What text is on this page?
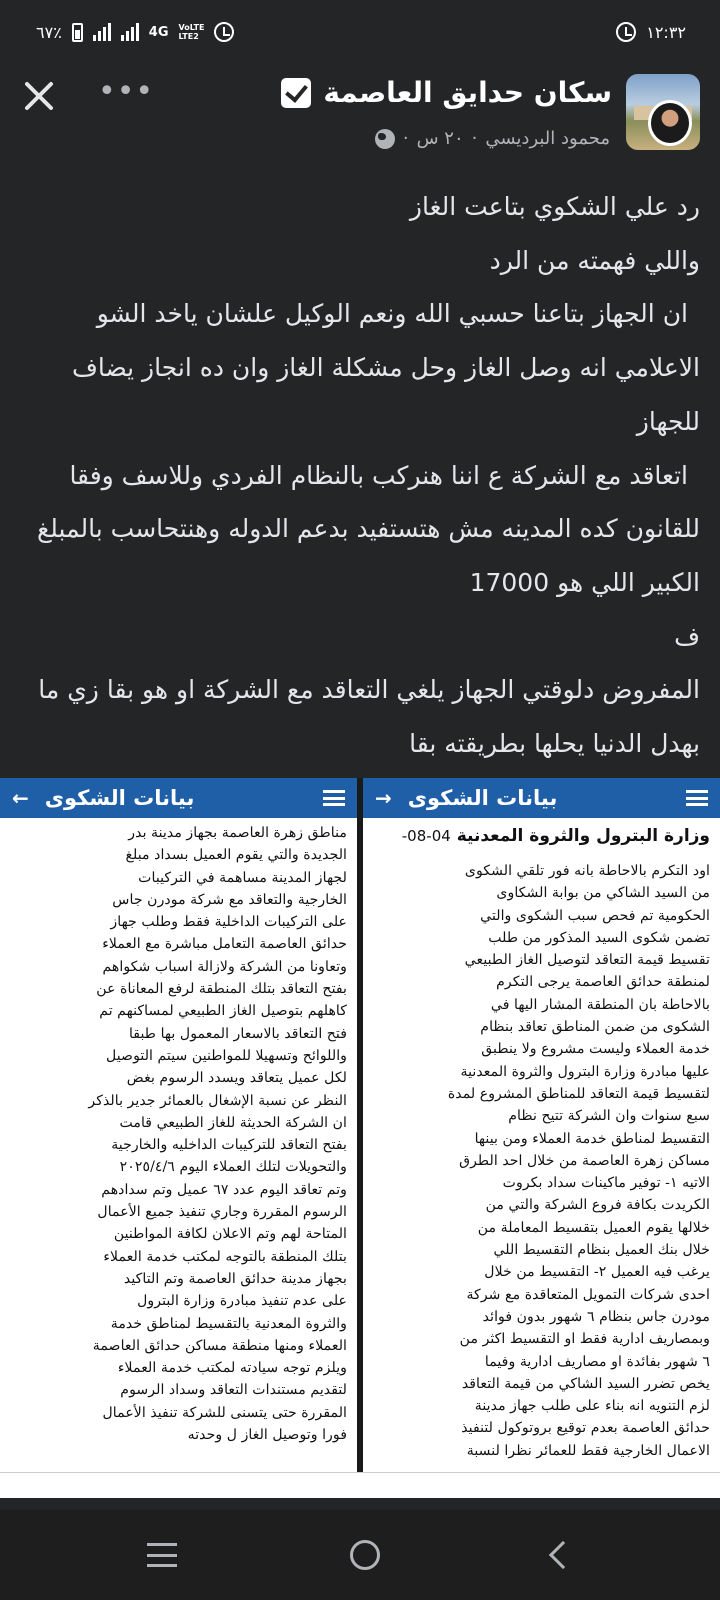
٦٧٪	4G VoLTE
LTE2	١٢:٣٢
•••	سكان حدايق العاصمة
محمود البرديسي
·
٢٠ س
·
رد علي الشكوي بتاعت الغاز
واللي فهمته من الرد
ان الجهاز بتاعنا حسبي الله ونعم الوكيل علشان ياخد الشو
الاعلامي انه وصل الغاز وحل مشكلة الغاز وان ده انجاز يضاف
للجهاز
اتعاقد مع الشركة ع اننا هنركب بالنظام الفردي وللاسف وفقا
للقانون كده المدينه مش هتستفيد بدعم الدوله وهنتحاسب بالمبلغ
الكبير اللي هو 17000
ف
المفروض دلوقتي الجهاز يلغي التعاقد مع الشركة او هو بقا زي ما
بهدل الدنيا يحلها بطريقته بقا
← بيانات الشكوى
مناطق زهرة العاصمة بجهاز مدينة بدر
الجديدة والتي يقوم العميل بسداد مبلغ
لجهاز المدينة مساهمة في التركيبات
الخارجية والتعاقد مع شركة مودرن جاس
على التركيبات الداخلية فقط وطلب جهاز
حدائق العاصمة التعامل مباشرة مع العملاء
وتعاونا من الشركة ولازالة اسباب شكواهم
بفتح التعاقد بتلك المنطقة لرفع المعاناة عن
كاهلهم بتوصيل الغاز الطبيعي لمساكنهم تم
فتح التعاقد بالاسعار المعمول بها طبقا
واللوائح وتسهيلا للمواطنين سيتم التوصيل
لكل عميل يتعاقد ويسدد الرسوم بغض
النظر عن نسبة الإشغال بالعمائر جدير بالذكر
ان الشركة الحديثة للغاز الطبيعي قامت
بفتح التعاقد للتركيبات الداخليه والخارجية
والتحويلات لتلك العملاء اليوم ٢٠٢٥/٤/٦
وتم تعاقد اليوم عدد ٦٧ عميل وتم سدادهم
الرسوم المقررة وجاري تنفيذ جميع الأعمال
المتاحة لهم وتم الاعلان لكافة المواطنين
بتلك المنطقة بالتوجه لمكتب خدمة العملاء
بجهاز مدينة حدائق العاصمة وتم التاكيد
على عدم تنفيذ مبادرة وزارة البترول
والثروة المعدنية بالتقسيط لمناطق خدمة
العملاء ومنها منطقة مساكن حدائق العاصمة
ويلزم توجه سيادته لمكتب خدمة العملاء
لتقديم مستندات التعاقد وسداد الرسوم
المقررة حتى يتسنى للشركة تنفيذ الأعمال
فورا وتوصيل الغاز ل وحدته
→ بيانات الشكوى
وزارة البترول والثروة المعدنية 04-08-
اود التكرم بالاحاطة بانه فور تلقي الشكوى
من السيد الشاكي من بوابة الشكاوى
الحكومية تم فحص سبب الشكوى والتي
تضمن شكوى السيد المذكور من طلب
تقسيط قيمة التعاقد لتوصيل الغاز الطبيعي
لمنطقة حدائق العاصمة يرجى التكرم
بالاحاطة بان المنطقة المشار اليها في
الشكوى من ضمن المناطق تعاقد بنظام
خدمة العملاء وليست مشروع ولا ينطبق
عليها مبادرة وزارة البترول والثروة المعدنية
لتقسيط قيمة التعاقد للمناطق المشروع لمدة
سبع سنوات وان الشركة تتيح نظام
التقسيط لمناطق خدمة العملاء ومن بينها
مساكن زهرة العاصمة من خلال احد الطرق
الاتيه ١- توفير ماكينات سداد بكروت
الكريدت بكافة فروع الشركة والتي من
خلالها يقوم العميل بتقسيط المعاملة من
خلال بنك العميل بنظام التقسيط اللي
يرغب فيه العميل ٢- التقسيط من خلال
احدى شركات التمويل المتعاقدة مع شركة
مودرن جاس بنظام ٦ شهور بدون فوائد
وبمصاريف ادارية فقط او التقسيط اكثر من
٦ شهور بفائدة او مصاريف ادارية وفيما
يخص تضرر السيد الشاكي من قيمة التعاقد
لزم التنويه انه بناء على طلب جهاز مدينة
حدائق العاصمة بعدم توقيع بروتوكول لتنفيذ
الاعمال الخارجية فقط للعمائر نظرا لنسبة
